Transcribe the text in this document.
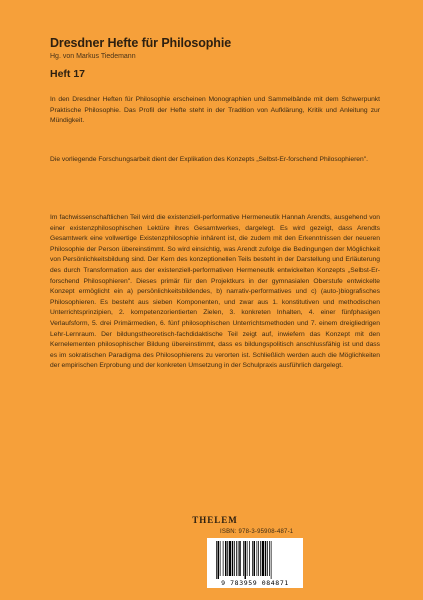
Dresdner Hefte für Philosophie
Hg. von Markus Tiedemann
Heft 17
In den Dresdner Heften für Philosophie erscheinen Monographien und Sammelbände mit dem Schwerpunkt Praktische Philosophie. Das Profil der Hefte steht in der Tradition von Aufklärung, Kritik und Anleitung zur Mündigkeit.
Die vorliegende Forschungsarbeit dient der Explikation des Konzepts „Selbst-Er-forschend Philosophieren".
Im fachwissenschaftlichen Teil wird die existenziell-performative Hermeneutik Hannah Arendts, ausgehend von einer existenzphilosophischen Lektüre ihres Gesamtwerkes, dargelegt. Es wird gezeigt, dass Arendts Gesamtwerk eine vollwertige Existenzphilosophie inhärent ist, die zudem mit den Erkenntnissen der neueren Philosophie der Person übereinstimmt. So wird einsichtig, was Arendt zufolge die Bedingungen der Möglichkeit von Persönlichkeitsbildung sind. Der Kern des konzeptionellen Teils besteht in der Darstellung und Erläuterung des durch Transformation aus der existenziell-performativen Hermeneutik entwickelten Konzepts „Selbst-Er-forschend Philosophieren". Dieses primär für den Projektkurs in der gymnasialen Oberstufe entwickelte Konzept ermöglicht ein a) persönlichkeitsbildendes, b) narrativ-performatives und c) (auto-)biografisches Philosophieren. Es besteht aus sieben Komponenten, und zwar aus 1. konstitutiven und methodischen Unterrichtsprinzipien, 2. kompetenzorientierten Zielen, 3. konkreten Inhalten, 4. einer fünfphasigen Verlaufsform, 5. drei Primärmedien, 6. fünf philosophischen Unterrichtsmethoden und 7. einem dreigliedrigen Lehr-Lernraum. Der bildungstheoretisch-fachdidaktische Teil zeigt auf, inwiefern das Konzept mit den Kernelementen philosophischer Bildung übereinstimmt, dass es bildungspolitisch anschlussfähig ist und dass es im sokratischen Paradigma des Philosophierens zu verorten ist. Schließlich werden auch die Möglichkeiten der empirischen Erprobung und der konkreten Umsetzung in der Schulpraxis ausführlich dargelegt.
THELEM
ISBN: 978-3-95908-487-1
9 783959 084871
